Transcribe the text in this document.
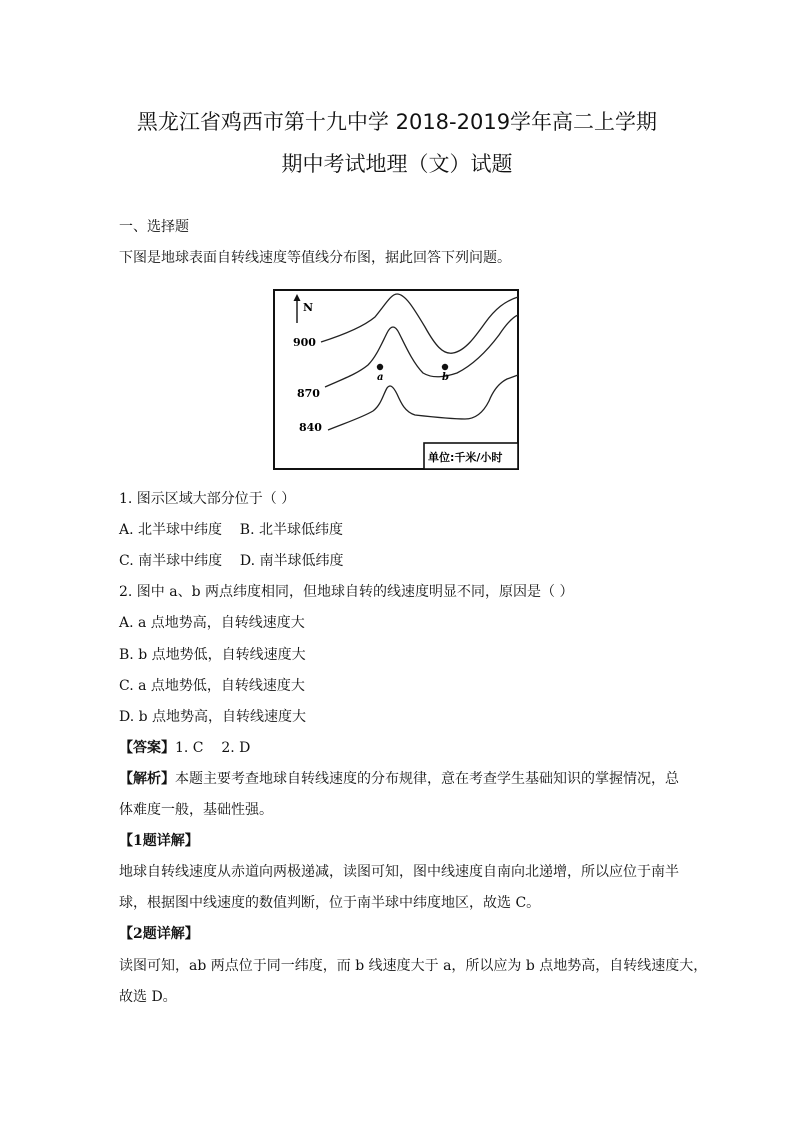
黑龙江省鸡西市第十九中学 2018-2019学年高二上学期
期中考试地理（文）试题
一、选择题
下图是地球表面自转线速度等值线分布图，据此回答下列问题。
N
900
870
840
a	b
单位:千米/小时
1. 图示区域大部分位于（ ）
A. 北半球中纬度    B. 北半球低纬度
C. 南半球中纬度    D. 南半球低纬度
2. 图中 a、b 两点纬度相同，但地球自转的线速度明显不同，原因是（ ）
A. a 点地势高，自转线速度大
B. b 点地势低，自转线速度大
C. a 点地势低，自转线速度大
D. b 点地势高，自转线速度大
【答案】1. C    2. D
【解析】本题主要考查地球自转线速度的分布规律，意在考查学生基础知识的掌握情况，总
体难度一般，基础性强。
【1题详解】
地球自转线速度从赤道向两极递减，读图可知，图中线速度自南向北递增，所以应位于南半
球，根据图中线速度的数值判断，位于南半球中纬度地区，故选 C。
【2题详解】
读图可知，ab 两点位于同一纬度，而 b 线速度大于 a，所以应为 b 点地势高，自转线速度大，
故选 D。
